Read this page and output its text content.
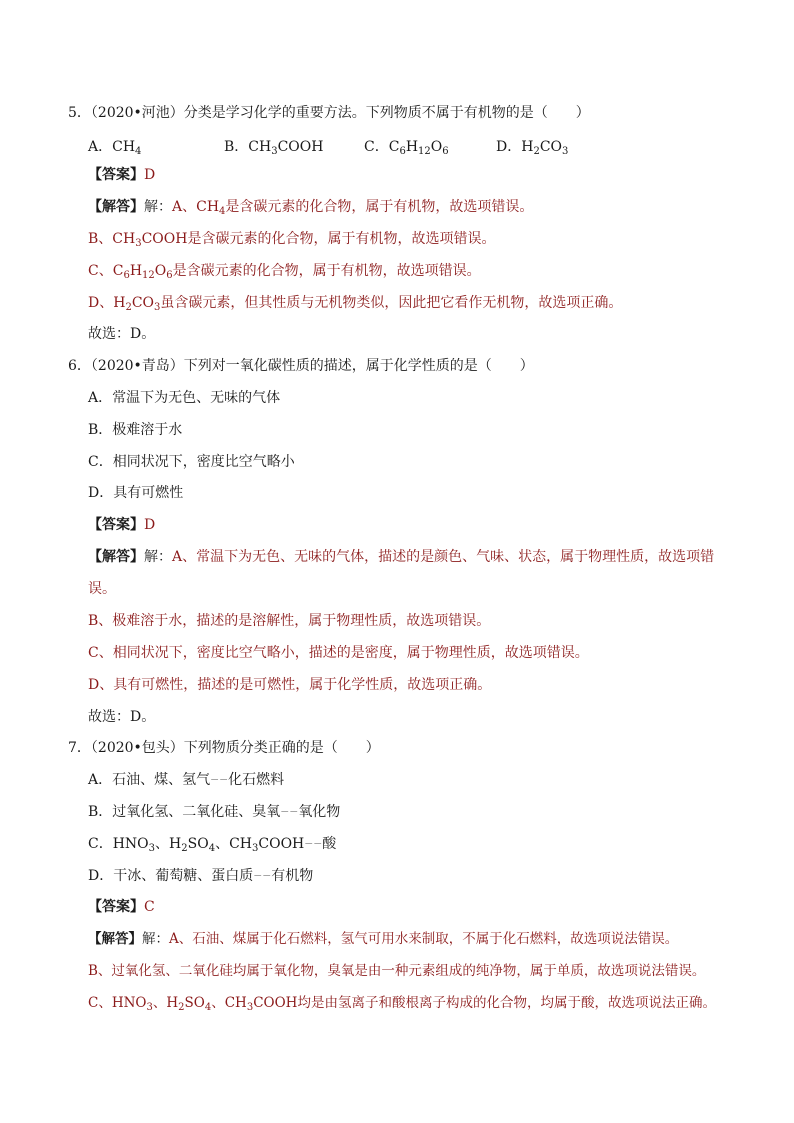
5．（2020•河池）分类是学习化学的重要方法。下列物质不属于有机物的是（　　）
A．$CH_4$	B．$CH_3COOH$	C．$C_6H_{12}O_6$	D．$H_2CO_3$
【答案】D
【解答】解：A、$CH_4$是含碳元素的化合物，属于有机物，故选项错误。
B、$CH_3COOH$是含碳元素的化合物，属于有机物，故选项错误。
C、$C_6H_{12}O_6$是含碳元素的化合物，属于有机物，故选项错误。
D、$H_2CO_3$虽含碳元素，但其性质与无机物类似，因此把它看作无机物，故选项正确。
故选：D。
6．（2020•青岛）下列对一氧化碳性质的描述，属于化学性质的是（　　）
A．常温下为无色、无味的气体
B．极难溶于水
C．相同状况下，密度比空气略小
D．具有可燃性
【答案】D
【解答】解：A、常温下为无色、无味的气体，描述的是颜色、气味、状态，属于物理性质，故选项错
误。
B、极难溶于水，描述的是溶解性，属于物理性质，故选项错误。
C、相同状况下，密度比空气略小，描述的是密度，属于物理性质，故选项错误。
D、具有可燃性，描述的是可燃性，属于化学性质，故选项正确。
故选：D。
7．（2020•包头）下列物质分类正确的是（　　）
A．石油、煤、氢气－－化石燃料
B．过氧化氢、二氧化硅、臭氧－－氧化物
C．$HNO_3$、$H_2SO_4$、$CH_3COOH--$酸
D．干冰、葡萄糖、蛋白质－－有机物
【答案】C
【解答】解：A、石油、煤属于化石燃料，氢气可用水来制取，不属于化石燃料，故选项说法错误。
B、过氧化氢、二氧化硅均属于氧化物，臭氧是由一种元素组成的纯净物，属于单质，故选项说法错误。
C、$HNO_3$、$H_2SO_4$、$CH_3COOH$均是由氢离子和酸根离子构成的化合物，均属于酸，故选项说法正确。
